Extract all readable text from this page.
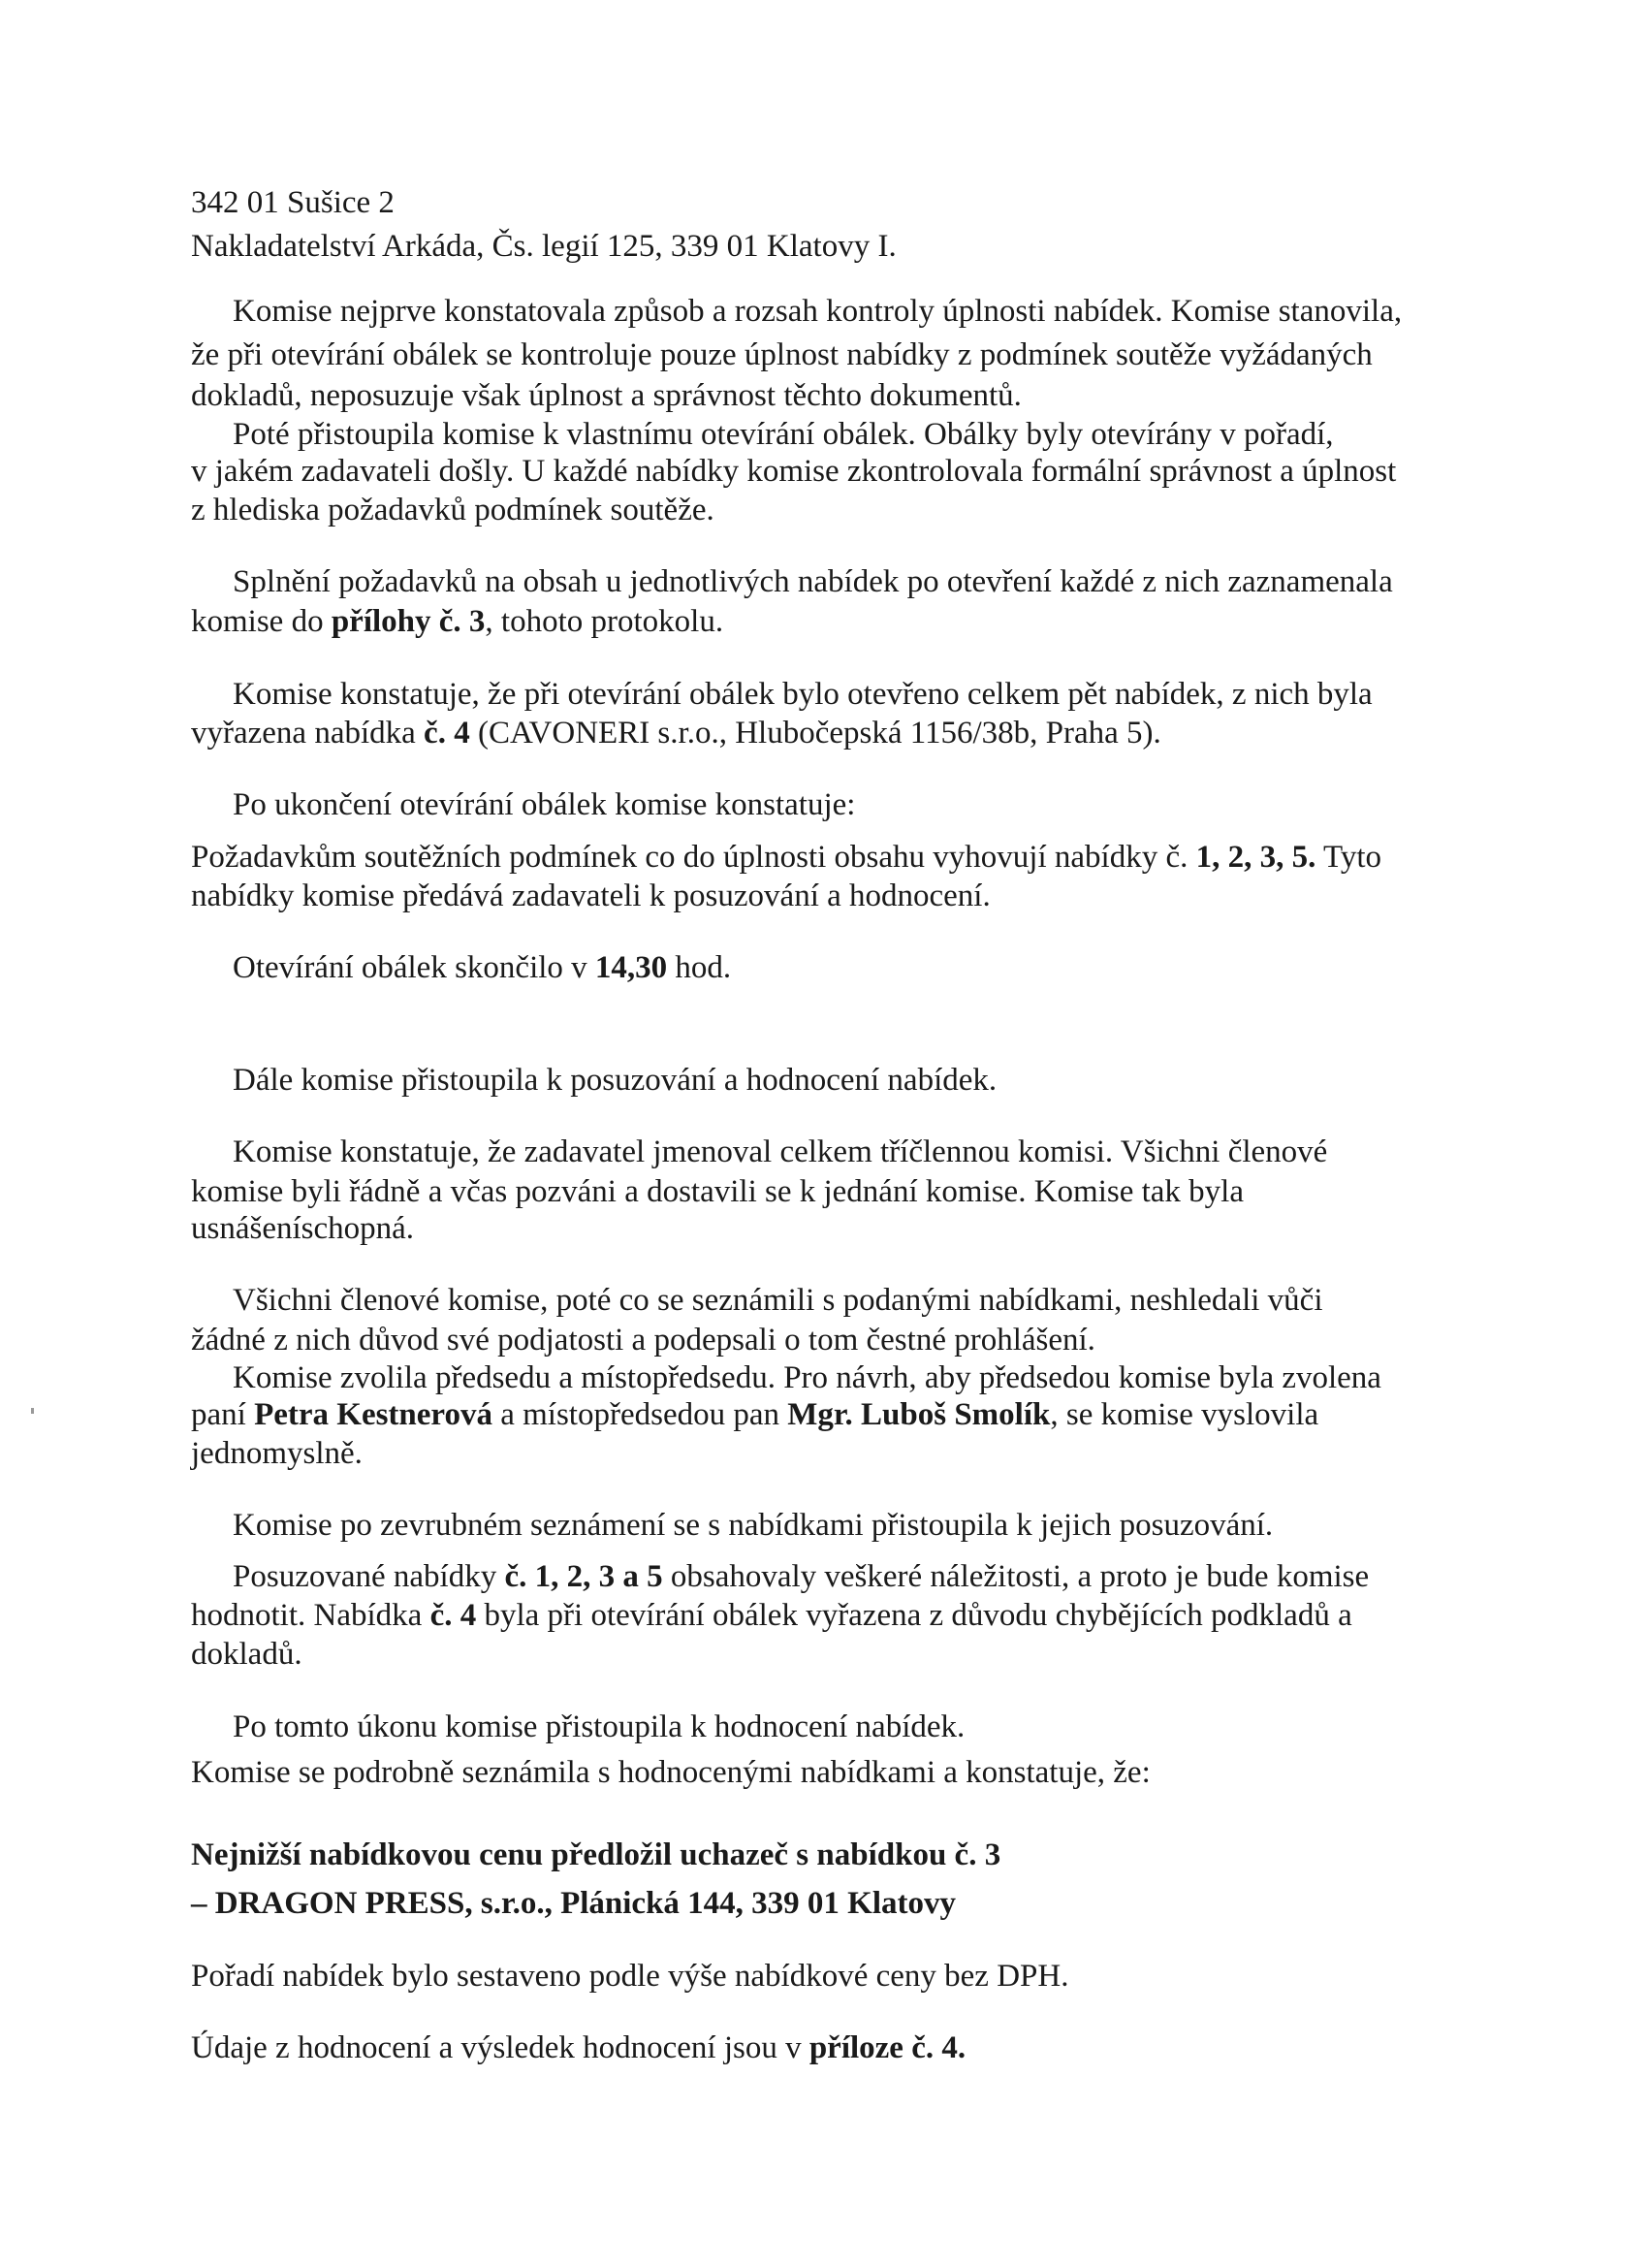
342 01 Sušice 2
Nakladatelství Arkáda, Čs. legií 125, 339 01 Klatovy I.
Komise nejprve konstatovala způsob a rozsah kontroly úplnosti nabídek. Komise stanovila,
že při otevírání obálek se kontroluje pouze úplnost nabídky z podmínek soutěže vyžádaných
dokladů, neposuzuje však úplnost a správnost těchto dokumentů.
Poté přistoupila komise k vlastnímu otevírání obálek. Obálky byly otevírány v pořadí,
v jakém zadavateli došly. U každé nabídky komise zkontrolovala formální správnost a úplnost
z hlediska požadavků podmínek soutěže.
Splnění požadavků na obsah u jednotlivých nabídek po otevření každé z nich zaznamenala
komise do přílohy č. 3, tohoto protokolu.
Komise konstatuje, že při otevírání obálek bylo otevřeno celkem pět nabídek, z nich byla
vyřazena nabídka č. 4 (CAVONERI s.r.o., Hlubočepská 1156/38b, Praha 5).
Po ukončení otevírání obálek komise konstatuje:
Požadavkům soutěžních podmínek co do úplnosti obsahu vyhovují nabídky č. 1, 2, 3, 5. Tyto
nabídky komise předává zadavateli k posuzování a hodnocení.
Otevírání obálek skončilo v 14,30 hod.
Dále komise přistoupila k posuzování a hodnocení nabídek.
Komise konstatuje, že zadavatel jmenoval celkem tříčlennou komisi. Všichni členové
komise byli řádně a včas pozváni a dostavili se k jednání komise. Komise tak byla
usnášeníschopná.
Všichni členové komise, poté co se seznámili s podanými nabídkami, neshledali vůči
žádné z nich důvod své podjatosti a podepsali o tom čestné prohlášení.
Komise zvolila předsedu a místopředsedu. Pro návrh, aby předsedou komise byla zvolena
paní Petra Kestnerová a místopředsedou pan Mgr. Luboš Smolík, se komise vyslovila
jednomyslně.
Komise po zevrubném seznámení se s nabídkami přistoupila k jejich posuzování.
Posuzované nabídky č. 1, 2, 3 a 5 obsahovaly veškeré náležitosti, a proto je bude komise
hodnotit. Nabídka č. 4 byla při otevírání obálek vyřazena z důvodu chybějících podkladů a
dokladů.
Po tomto úkonu komise přistoupila k hodnocení nabídek.
Komise se podrobně seznámila s hodnocenými nabídkami a konstatuje, že:
Nejnižší nabídkovou cenu předložil uchazeč s nabídkou č. 3
– DRAGON PRESS, s.r.o., Plánická 144, 339 01 Klatovy
Pořadí nabídek bylo sestaveno podle výše nabídkové ceny bez DPH.
Údaje z hodnocení a výsledek hodnocení jsou v příloze č. 4.
